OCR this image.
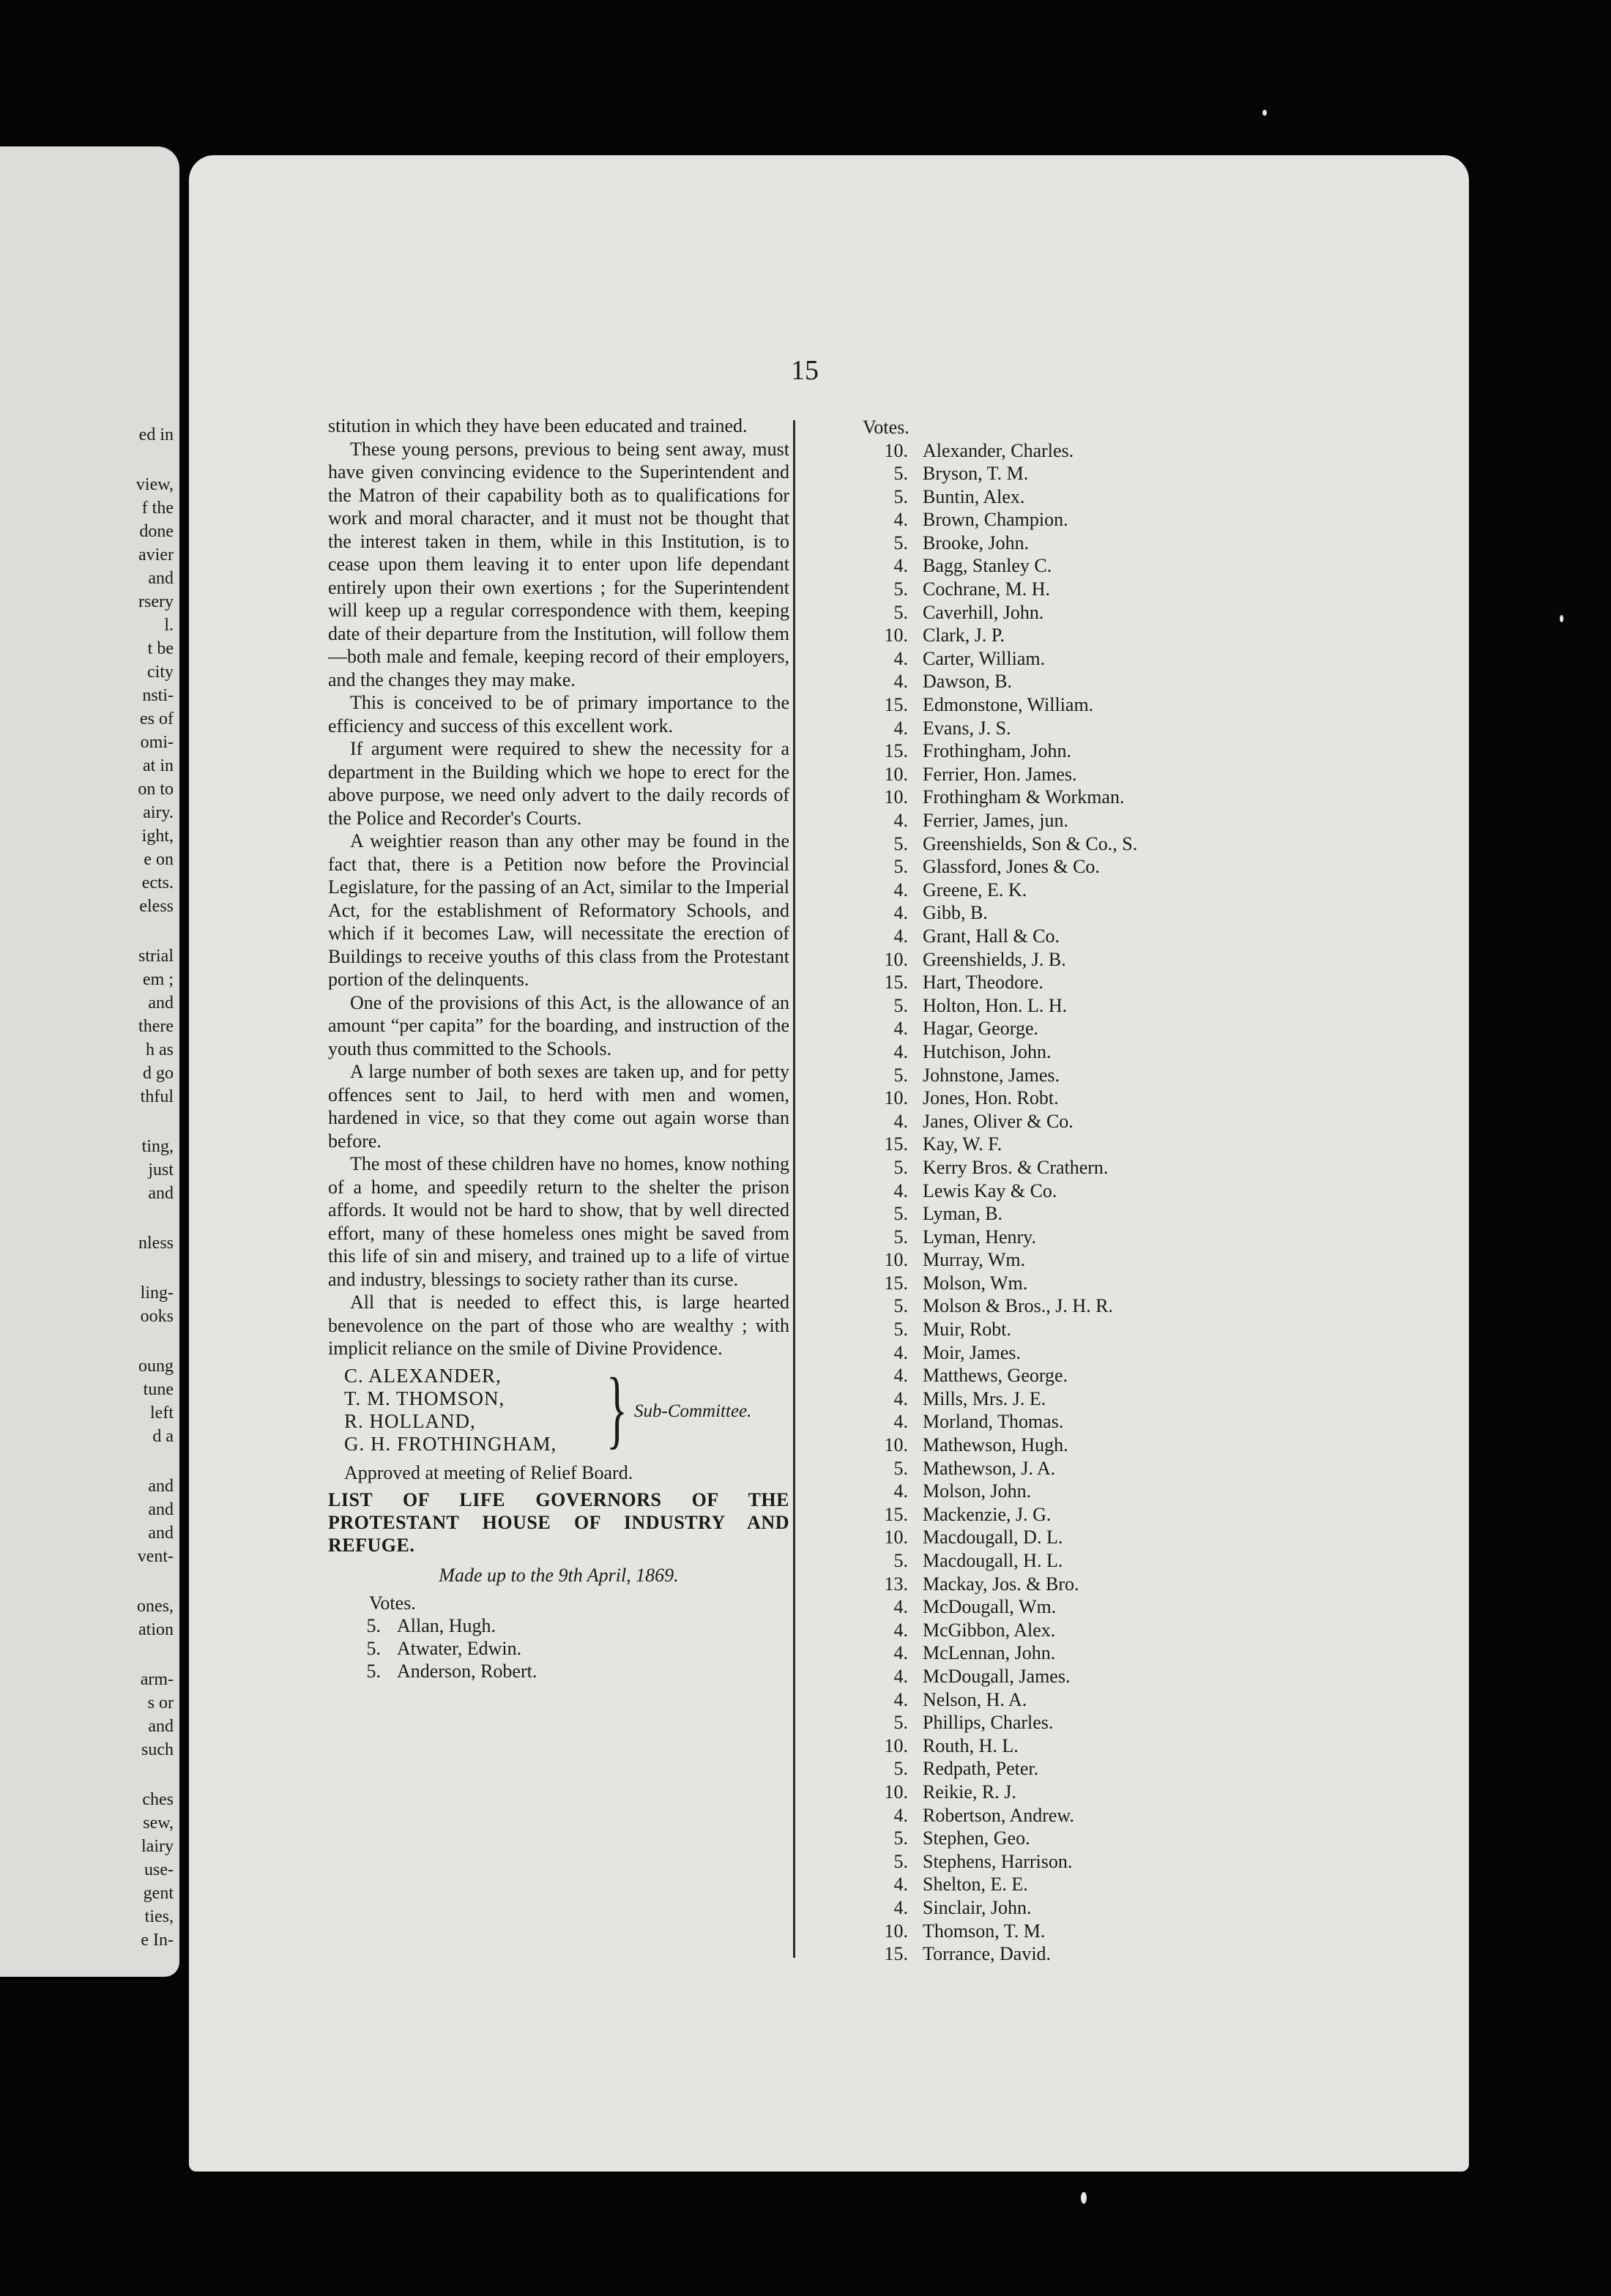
ed in
view,
f the
done
avier
and
rsery
l.
t be
city
nsti-
es of
omi-
at in
on to
airy.
ight,
e on
ects.
eless
strial
em ;
and
there
h as
d go
thful
ting,
just
and
nless
ling-
ooks
oung
tune
left
d a
and
and
and
vent-
ones,
ation
arm-
s or
and
such
ches
sew,
lairy
use-
gent
ties,
e In-
15

stitution in which they have been educated and trained.

These young persons, previous to being sent away, must have given convincing evidence to the Superintendent and the Matron of their capability both as to qualifications for work and moral character, and it must not be thought that the interest taken in them, while in this Institution, is to cease upon them leaving it to enter upon life dependant entirely upon their own exertions ; for the Superintendent will keep up a regular correspondence with them, keeping date of their departure from the Institution, will follow them—both male and female, keeping record of their employers, and the changes they may make.

This is conceived to be of primary importance to the efficiency and success of this excellent work.

If argument were required to shew the necessity for a department in the Building which we hope to erect for the above purpose, we need only advert to the daily records of the Police and Recorder's Courts.

A weightier reason than any other may be found in the fact that, there is a Petition now before the Provincial Legislature, for the passing of an Act, similar to the Imperial Act, for the establishment of Reformatory Schools, and which if it becomes Law, will necessitate the erection of Buildings to receive youths of this class from the Protestant portion of the delinquents.

One of the provisions of this Act, is the allowance of an amount “per capita” for the boarding, and instruction of the youth thus committed to the Schools.

A large number of both sexes are taken up, and for petty offences sent to Jail, to herd with men and women, hardened in vice, so that they come out again worse than before.

The most of these children have no homes, know nothing of a home, and speedily return to the shelter the prison affords. It would not be hard to show, that by well directed effort, many of these homeless ones might be saved from this life of sin and misery, and trained up to a life of virtue and industry, blessings to society rather than its curse.

All that is needed to effect this, is large hearted benevolence on the part of those who are wealthy ; with implicit reliance on the smile of Divine Providence.

C. ALEXANDER,
T. M. THOMSON,
R. HOLLAND,
G. H. FROTHINGHAM, } Sub-Committee.
Approved at meeting of Relief Board.
LIST OF LIFE GOVERNORS OF THE PROTESTANT HOUSE OF INDUSTRY AND REFUGE.
Made up to the 9th April, 1869.
Votes.
5. Allan, Hugh.
5. Atwater, Edwin.
5. Anderson, Robert.
Votes.
10. Alexander, Charles.
5. Bryson, T. M.
5. Buntin, Alex.
4. Brown, Champion.
5. Brooke, John.
4. Bagg, Stanley C.
5. Cochrane, M. H.
5. Caverhill, John.
10. Clark, J. P.
4. Carter, William.
4. Dawson, B.
15. Edmonstone, William.
4. Evans, J. S.
15. Frothingham, John.
10. Ferrier, Hon. James.
10. Frothingham & Workman.
4. Ferrier, James, jun.
5. Greenshields, Son & Co., S.
5. Glassford, Jones & Co.
4. Greene, E. K.
4. Gibb, B.
4. Grant, Hall & Co.
10. Greenshields, J. B.
15. Hart, Theodore.
5. Holton, Hon. L. H.
4. Hagar, George.
4. Hutchison, John.
5. Johnstone, James.
10. Jones, Hon. Robt.
4. Janes, Oliver & Co.
15. Kay, W. F.
5. Kerry Bros. & Crathern.
4. Lewis Kay & Co.
5. Lyman, B.
5. Lyman, Henry.
10. Murray, Wm.
15. Molson, Wm.
5. Molson & Bros., J. H. R.
5. Muir, Robt.
4. Moir, James.
4. Matthews, George.
4. Mills, Mrs. J. E.
4. Morland, Thomas.
10. Mathewson, Hugh.
5. Mathewson, J. A.
4. Molson, John.
15. Mackenzie, J. G.
10. Macdougall, D. L.
5. Macdougall, H. L.
13. Mackay, Jos. & Bro.
4. McDougall, Wm.
4. McGibbon, Alex.
4. McLennan, John.
4. McDougall, James.
4. Nelson, H. A.
5. Phillips, Charles.
10. Routh, H. L.
5. Redpath, Peter.
10. Reikie, R. J.
4. Robertson, Andrew.
5. Stephen, Geo.
5. Stephens, Harrison.
4. Shelton, E. E.
4. Sinclair, John.
10. Thomson, T. M.
15. Torrance, David.
